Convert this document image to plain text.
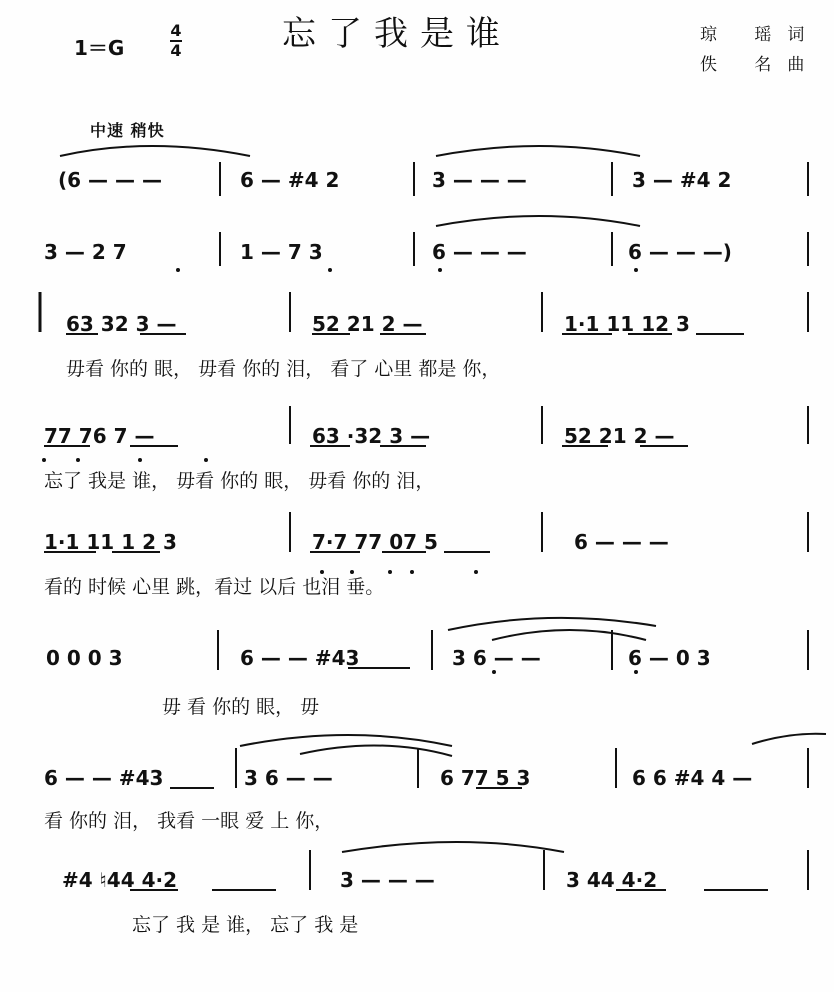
忘了我是谁
1＝G
4
4
琼 瑶词
佚 名曲
中速 稍快
(6 — — —	6 — #4 2	3 — — —	3 — #4 2
3 — 2 7	1 — 7 3	6 — — —	6 — — —)
63 32 3 —	52 21 2 —	1·1 11 12 3
毋看 你的 眼， 毋看 你的 泪， 看了 心里 都是 你，
77 76 7 —	63 ·32 3 —	52 21 2 —
忘了 我是 谁， 毋看 你的 眼， 毋看 你的 泪，
1·1 11 1 2 3	7·7 77 07 5	6 — — —
看的 时候 心里 跳，看过 以后 也泪 垂。
0 0 0 3	6 — — #43	3 6 — —	6 — 0 3
毋 看 你的 眼， 毋
6 — — #43	3 6 — —	6 77 5 3	6 6 #4 4 —
看 你的 泪， 我看 一眼 爱 上 你，
#4 ♮44 4·2	3 — — —	3 44 4·2
忘了 我 是 谁， 忘了 我 是
